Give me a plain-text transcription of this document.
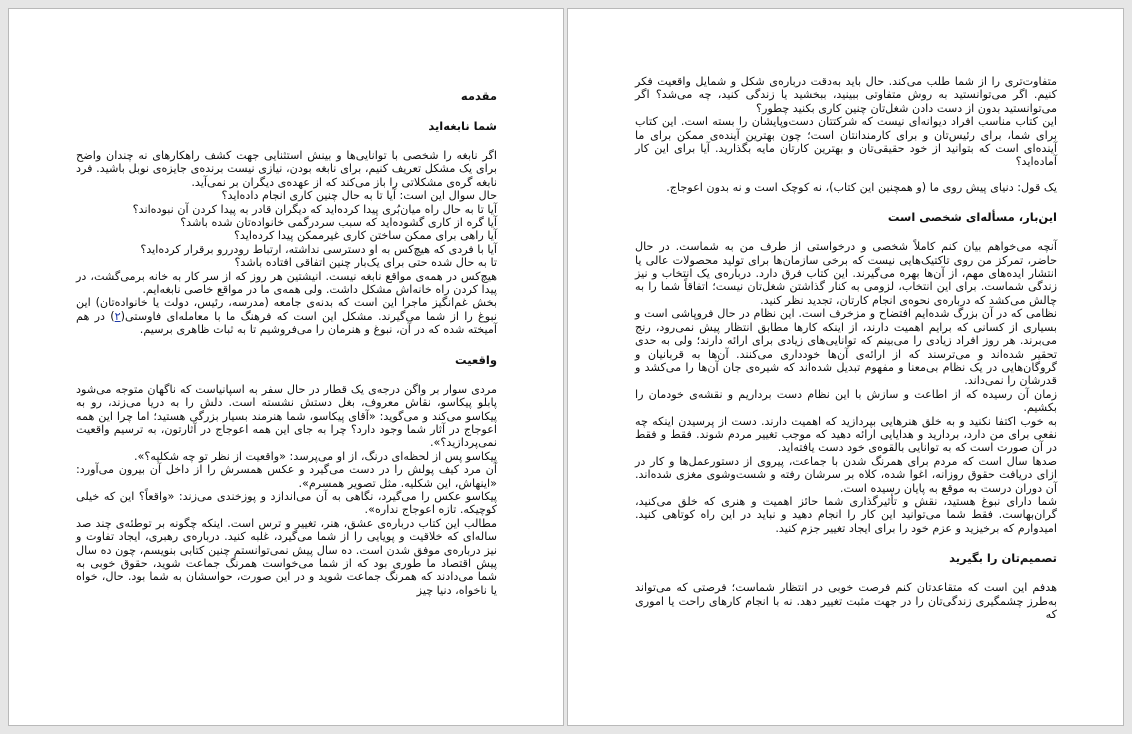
مقدمه
شما نابغه‌اید

اگر نابغه را شخصی با توانایی‌ها و بینش استثنایی جهت کشف راهکارهای نه چندان واضح برای یک مشکل تعریف کنیم، برای نابغه بودن، نیازی نیست برنده‌ی جایزه‌ی نوبل باشید. فرد نابغه گره‌ی مشکلاتی را باز می‌کند که از عهده‌ی دیگران بر نمی‌آید.

حال سوال این است: آیا تا به حال چنین کاری انجام داده‌اید؟

آیا تا به حال راه میان‌بُری پیدا کرده‌اید که دیگران قادر به پیدا کردن آن نبوده‌اند؟

آیا گره از کاری گشوده‌اید که سبب سردرگمی خانواده‌تان شده باشد؟

آیا راهی برای ممکن ساختن کاری غیرممکن پیدا کرده‌اید؟

آیا با فردی که هیچ‌کس به او دسترسی نداشته، ارتباط رودررو برقرار کرده‌اید؟

تا به حال شده حتی برای یک‌بار چنین اتفاقی افتاده باشد؟

هیچ‌کس در همه‌ی مواقع نابغه نیست. انیشتین هر روز که از سر کار به خانه برمی‌گشت، در پیدا کردن راه خانه‌اش مشکل داشت. ولی همه‌ی ما در مواقع خاصی نابغه‌ایم.

بخش غم‌انگیز ماجرا این است که بدنه‌ی جامعه (مدرسه، رئیس، دولت یا خانواده‌تان) این نبوغ را از شما می‌گیرند. مشکل این است که فرهنگ ما با معامله‌ای فاوستی(۲) در هم آمیخته شده که در آن، نبوغ و هنرمان را می‌فروشیم تا به ثبات ظاهری برسیم.

واقعیت

مردی سوار بر واگن درجه‌ی یک قطار در حال سفر به اسپانیاست که ناگهان متوجه می‌شود پابلو پیکاسو، نقاش معروف، بغل دستش نشسته است. دلش را به دریا می‌زند، رو به پیکاسو می‌کند و می‌گوید: «آقای پیکاسو، شما هنرمند بسیار بزرگی هستید؛ اما چرا این همه اعوجاج در آثار شما وجود دارد؟ چرا به جای این همه اعوجاج در آثارتون، به ترسیم واقعیت نمی‌پردازید؟».

پیکاسو پس از لحظه‌ای درنگ، از او می‌پرسد: «واقعیت از نظر تو چه شکلیه؟».

آن مرد کیف پولش را در دست می‌گیرد و عکس همسرش را از داخل آن بیرون می‌آورد: «اینهاش، این شکلیه. مثل تصویر همسرم».

پیکاسو عکس را می‌گیرد، نگاهی به آن می‌اندازد و پوزخندی می‌زند: «واقعاً؟ این که خیلی کوچیکه. تازه اعوجاج نداره».

مطالب این کتاب درباره‌ی عشق، هنر، تغییر و ترس است. اینکه چگونه بر توطئه‌ی چند صد ساله‌ای که خلاقیت و پویایی را از شما می‌گیرد، غلبه کنید. درباره‌ی رهبری، ایجاد تفاوت و نیز درباره‌ی موفق شدن است. ده سال پیش نمی‌توانستم چنین کتابی بنویسم، چون ده سال پیش اقتصاد ما طوری بود که از شما می‌خواست همرنگ جماعت شوید، حقوق خوبی به شما می‌دادند که همرنگ جماعت شوید و در این صورت، حواسشان به شما بود. حال، خواه یا ناخواه، دنیا چیز

متفاوت‌تری را از شما طلب می‌کند. حال باید به‌دقت درباره‌ی شکل و شمایل واقعیت فکر کنیم. اگر می‌توانستید به روش متفاوتی ببینید، ببخشید یا زندگی کنید، چه می‌شد؟ اگر می‌توانستید بدون از دست دادن شغل‌تان چنین کاری بکنید چطور؟

این کتاب مناسب افراد دیوانه‌ای نیست که شرکتتان دست‌وپایشان را بسته است. این کتاب برای شما، برای رئیس‌تان و برای کارمندانتان است؛ چون بهترین آینده‌ی ممکن برای ما آینده‌ای است که بتوانید از خود حقیقی‌تان و بهترین کارتان مایه بگذارید. آیا برای این کار آماده‌اید؟

یک قول: دنیای پیش روی ما (و همچنین این کتاب)، نه کوچک است و نه بدون اعوجاج.

این‌بار، مسأله‌ای شخصی است

آنچه می‌خواهم بیان کنم کاملاً شخصی و درخواستی از طرف من به شماست. در حال حاضر، تمرکز من روی تاکتیک‌هایی نیست که برخی سازمان‌ها برای تولید محصولات عالی یا انتشار ایده‌های مهم، از آن‌ها بهره می‌گیرند. این کتاب فرق دارد. درباره‌ی یک انتخاب و نیز زندگی شماست. برای این انتخاب، لزومی به کنار گذاشتن شغل‌تان نیست؛ اتفاقاً شما را به چالش می‌کشد که درباره‌ی نحوه‌ی انجام کارتان، تجدید نظر کنید.

نظامی که در آن بزرگ شده‌ایم افتضاح و مزخرف است. این نظام در حال فروپاشی است و بسیاری از کسانی که برایم اهمیت دارند، از اینکه کارها مطابق انتظار پیش نمی‌رود، رنج می‌برند. هر روز افراد زیادی را می‌بینم که توانایی‌های زیادی برای ارائه دارند؛ ولی به حدی تحقیر شده‌اند و می‌ترسند که از ارائه‌ی آن‌ها خودداری می‌کنند. آن‌ها به قربانیان و گروگان‌هایی در یک نظام بی‌معنا و مفهوم تبدیل شده‌اند که شیره‌ی جان آن‌ها را می‌کشد و قدرشان را نمی‌داند.

زمان آن رسیده که از اطاعت و سازش با این نظام دست برداریم و نقشه‌ی خودمان را بکشیم.

به خوب اکتفا نکنید و به خلق هنرهایی بپردازید که اهمیت دارند. دست از پرسیدن اینکه چه نفعی برای من دارد، بردارید و هدایایی ارائه دهید که موجب تغییر مردم شوند. فقط و فقط در آن صورت است که به توانایی بالقوه‌ی خود دست یافته‌اید.

صدها سال است که مردم برای همرنگ شدن با جماعت، پیروی از دستورعمل‌ها و کار در ازای دریافت حقوق روزانه، اغوا شده، کلاه بر سرشان رفته و شست‌وشوی مغزی شده‌اند. آن دوران درست به موقع به پایان رسیده است.

شما دارای نبوغ هستید، نقش و تأثیرگذاری شما حائز اهمیت و هنری که خلق می‌کنید، گران‌بهاست. فقط شما می‌توانید این کار را انجام دهید و نباید در این راه کوتاهی کنید. امیدوارم که برخیزید و عزم خود را برای ایجاد تغییر جزم کنید.

تصمیم‌تان را بگیرید

هدفم این است که متقاعدتان کنم فرصت خوبی در انتظار شماست؛ فرصتی که می‌تواند به‌طرز چشمگیری زندگی‌تان را در جهت مثبت تغییر دهد. نه با انجام کارهای راحت یا اموری که
